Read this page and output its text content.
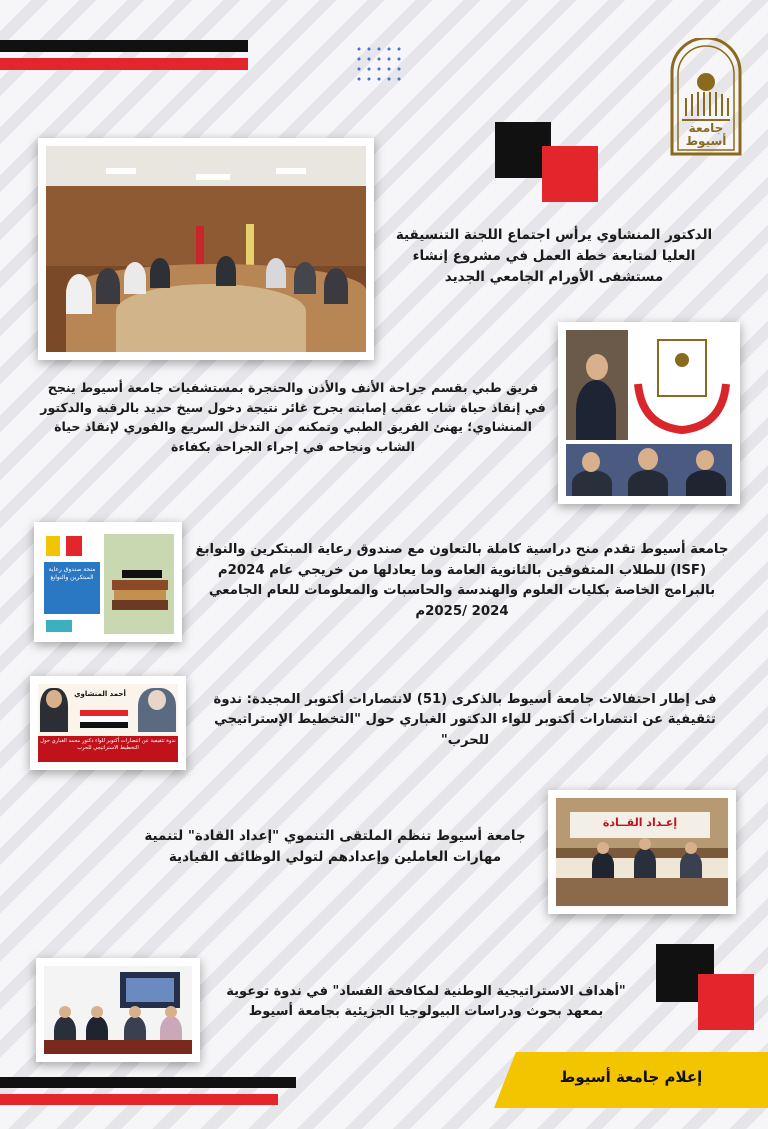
جامعة أسيوط
الدكتور المنشاوي يرأس اجتماع اللجنة التنسيقية العليا لمتابعة خطة العمل في مشروع إنشاء مستشفى الأورام الجامعي الجديد
فريق طبي بقسم جراحة الأنف والأذن والحنجرة بمستشفيات جامعة أسيوط ينجح في إنقاذ حياة شاب عقب إصابته بجرح غائر نتيجة دخول سيخ حديد بالرقبة والدكتور المنشاوي؛ يهنئ الفريق الطبي وتمكنه من التدخل السريع والفوري لإنقاذ حياة الشاب ونجاحه في إجراء الجراحة بكفاءة
منحة صندوق رعاية المبتكرين والنوابغ
جامعة أسيوط تقدم منح دراسية كاملة بالتعاون مع صندوق رعاية المبتكرين والنوابغ (ISF) للطلاب المتفوقين بالثانوية العامة وما يعادلها من خريجي عام 2024م بالبرامج الخاصة بكليات العلوم والهندسة والحاسبات والمعلومات للعام الجامعي 2024 /2025م
أحمد المنشاوي
ندوة تثقيفية عن انتصارات أكتوبر للواء دكتور محمد الغباري حول التخطيط الاستراتيجي للحرب
فى إطار احتفالات جامعة أسيوط بالذكرى (51) لانتصارات أكتوبر المجيدة: ندوة تثقيفية عن انتصارات أكتوبر للواء الدكتور الغباري حول "التخطيط الإستراتيجي للحرب"
إعـداد القــادة
جامعة أسيوط تنظم الملتقى التنموي "إعداد القادة" لتنمية مهارات العاملين وإعدادهم لتولي الوظائف القيادية
"أهداف الاستراتيجية الوطنية لمكافحة الفساد" في ندوة توعوية بمعهد بحوث ودراسات البيولوجيا الجزيئية بجامعة أسيوط
إعلام جامعة أسيوط
